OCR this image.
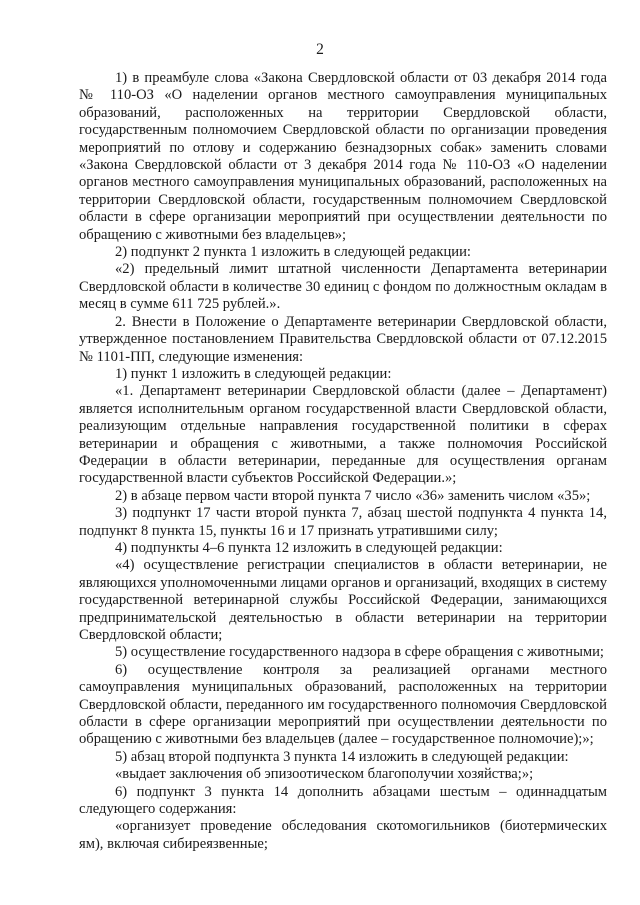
2

1) в преамбуле слова «Закона Свердловской области от 03 декабря 2014 года № 110-ОЗ «О наделении органов местного самоуправления муниципальных образований, расположенных на территории Свердловской области, государственным полномочием Свердловской области по организации проведения мероприятий по отлову и содержанию безнадзорных собак» заменить словами «Закона Свердловской области от 3 декабря 2014 года № 110-ОЗ «О наделении органов местного самоуправления муниципальных образований, расположенных на территории Свердловской области, государственным полномочием Свердловской области в сфере организации мероприятий при осуществлении деятельности по обращению с животными без владельцев»;

2) подпункт 2 пункта 1 изложить в следующей редакции:

«2) предельный лимит штатной численности Департамента ветеринарии Свердловской области в количестве 30 единиц с фондом по должностным окладам в месяц в сумме 611 725 рублей.».

2. Внести в Положение о Департаменте ветеринарии Свердловской области, утвержденное постановлением Правительства Свердловской области от 07.12.2015 № 1101-ПП, следующие изменения:

1) пункт 1 изложить в следующей редакции:

«1. Департамент ветеринарии Свердловской области (далее – Департамент) является исполнительным органом государственной власти Свердловской области, реализующим отдельные направления государственной политики в сферах ветеринарии и обращения с животными, а также полномочия Российской Федерации в области ветеринарии, переданные для осуществления органам государственной власти субъектов Российской Федерации.»;

2) в абзаце первом части второй пункта 7 число «36» заменить числом «35»;

3) подпункт 17 части второй пункта 7, абзац шестой подпункта 4 пункта 14, подпункт 8 пункта 15, пункты 16 и 17 признать утратившими силу;

4) подпункты 4–6 пункта 12 изложить в следующей редакции:

«4) осуществление регистрации специалистов в области ветеринарии, не являющихся уполномоченными лицами органов и организаций, входящих в систему государственной ветеринарной службы Российской Федерации, занимающихся предпринимательской деятельностью в области ветеринарии на территории Свердловской области;

5) осуществление государственного надзора в сфере обращения с животными;

6) осуществление контроля за реализацией органами местного самоуправления муниципальных образований, расположенных на территории Свердловской области, переданного им государственного полномочия Свердловской области в сфере организации мероприятий при осуществлении деятельности по обращению с животными без владельцев (далее – государственное полномочие);»;

5) абзац второй подпункта 3 пункта 14 изложить в следующей редакции:

«выдает заключения об эпизоотическом благополучии хозяйства;»;

6) подпункт 3 пункта 14 дополнить абзацами шестым – одиннадцатым следующего содержания:

«организует проведение обследования скотомогильников (биотермических ям), включая сибиреязвенные;
